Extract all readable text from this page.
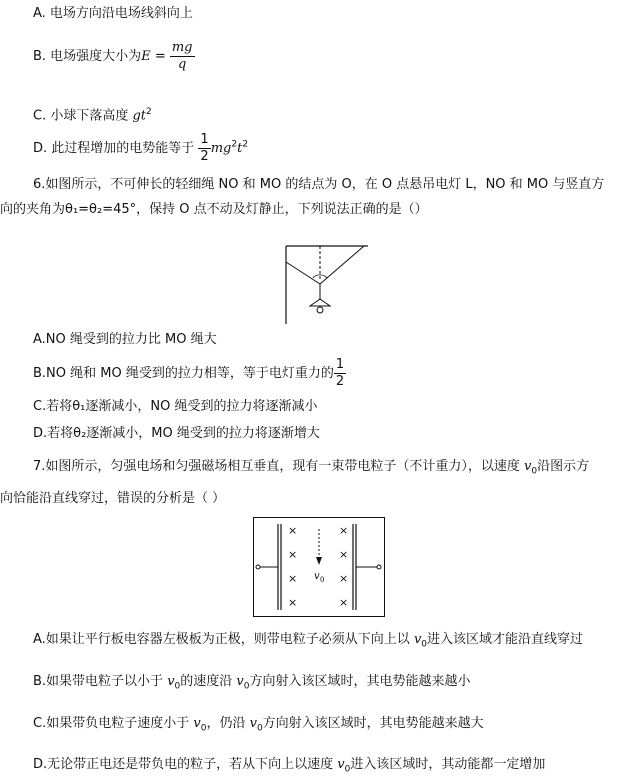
A. 电场方向沿电场线斜向上
B. 电场强度大小为$E = \frac{mg}{q}$
C. 小球下落高度 $gt^2$
D. 此过程增加的电势能等于 $\frac{1}{2} mg^2t^2$
6.如图所示，不可伸长的轻细绳 NO 和 MO 的结点为 O，在 O 点悬吊电灯 L，NO 和 MO 与竖直方
向的夹角为θ₁=θ₂=45°，保持 O 点不动及灯静止，下列说法正确的是（）
A.NO 绳受到的拉力比 MO 绳大
B.NO 绳和 MO 绳受到的拉力相等，等于电灯重力的 $\frac{1}{2}$
C.若将θ₁逐渐减小，NO 绳受到的拉力将逐渐减小
D.若将θ₂逐渐减小，MO 绳受到的拉力将逐渐增大
7.如图所示，匀强电场和匀强磁场相互垂直，现有一束带电粒子（不计重力），以速度 $v_0$沿图示方
向恰能沿直线穿过，错误的分析是（ ）
v 0
×
×
×
×
×
×
×
×
A.如果让平行板电容器左极板为正极，则带电粒子必须从下向上以 $v_0$进入该区域才能沿直线穿过
B.如果带电粒子以小于 $v_0$的速度沿 $v_0$方向射入该区域时，其电势能越来越小
C.如果带负电粒子速度小于 $v_0$，仍沿 $v_0$方向射入该区域时，其电势能越来越大
D.无论带正电还是带负电的粒子，若从下向上以速度 $v_0$进入该区域时，其动能都一定增加
